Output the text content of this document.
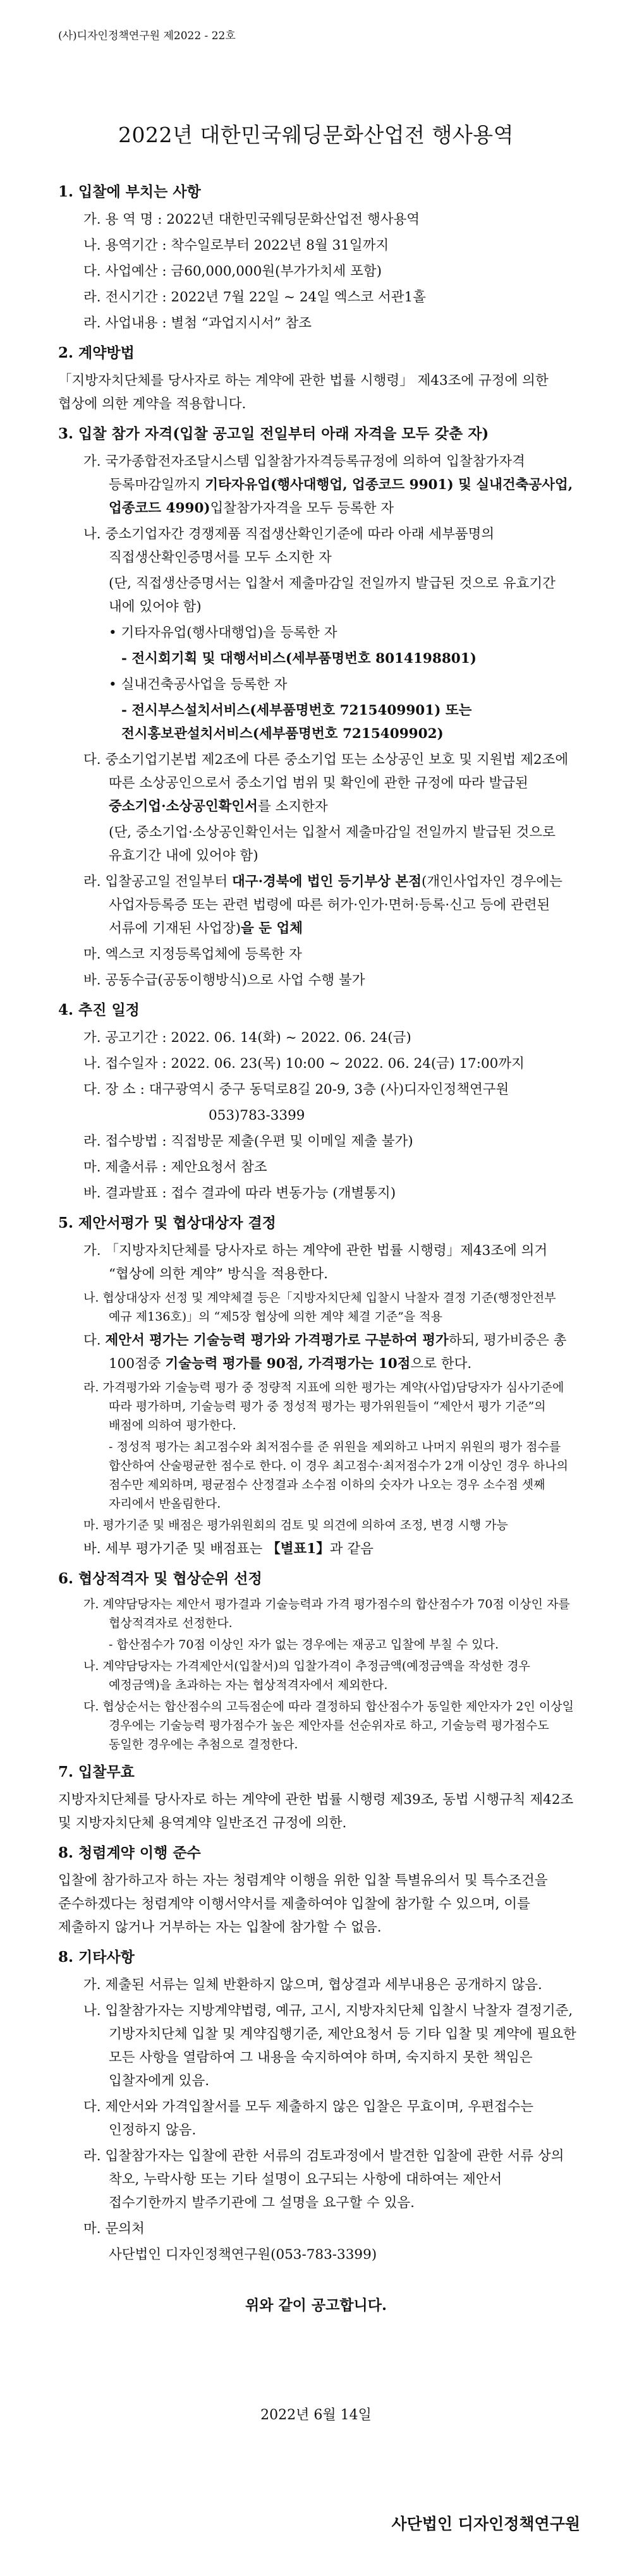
(사)디자인정책연구원 제2022 - 22호
2022년 대한민국웨딩문화산업전 행사용역
1. 입찰에 부치는 사항
가. 용 역 명 : 2022년 대한민국웨딩문화산업전 행사용역
나. 용역기간 : 착수일로부터 2022년 8월 31일까지
다. 사업예산 : 금60,000,000원(부가가치세 포함)
라. 전시기간 : 2022년 7월 22일 ~ 24일 엑스코 서관1홀
라. 사업내용 : 별첨 “과업지시서” 참조
2. 계약방법
「지방자치단체를 당사자로 하는 계약에 관한 법률 시행령」 제43조에 규정에 의한 협상에 의한 계약을 적용합니다.
3. 입찰 참가 자격(입찰 공고일 전일부터 아래 자격을 모두 갖춘 자)
가. 국가종합전자조달시스템 입찰참가자격등록규정에 의하여 입찰참가자격 등록마감일까지 기타자유업(행사대행업, 업종코드 9901) 및 실내건축공사업, 업종코드 4990)입찰참가자격을 모두 등록한 자
나. 중소기업자간 경쟁제품 직접생산확인기준에 따라 아래 세부품명의 직접생산확인증명서를 모두 소지한 자
(단, 직접생산증명서는 입찰서 제출마감일 전일까지 발급된 것으로 유효기간 내에 있어야 함)
• 기타자유업(행사대행업)을 등록한 자
- 전시회기획 및 대행서비스(세부품명번호 8014198801)
• 실내건축공사업을 등록한 자
- 전시부스설치서비스(세부품명번호 7215409901) 또는 전시홍보관설치서비스(세부품명번호 7215409902)
다. 중소기업기본법 제2조에 다른 중소기업 또는 소상공인 보호 및 지원법 제2조에 따른 소상공인으로서 중소기업 범위 및 확인에 관한 규정에 따라 발급된 중소기업·소상공인확인서를 소지한자
(단, 중소기업·소상공인확인서는 입찰서 제출마감일 전일까지 발급된 것으로 유효기간 내에 있어야 함)
라. 입찰공고일 전일부터 대구·경북에 법인 등기부상 본점(개인사업자인 경우에는 사업자등록증 또는 관련 법령에 따른 허가·인가·면허·등록·신고 등에 관련된 서류에 기재된 사업장)을 둔 업체
마. 엑스코 지정등록업체에 등록한 자
바. 공동수급(공동이행방식)으로 사업 수행 불가
4. 추진 일정
가. 공고기간 : 2022. 06. 14(화) ~ 2022. 06. 24(금)
나. 접수일자 : 2022. 06. 23(목) 10:00 ~ 2022. 06. 24(금) 17:00까지
다. 장 소 : 대구광역시 중구 동덕로8길 20-9, 3층 (사)디자인정책연구원
053)783-3399
라. 접수방법 : 직접방문 제출(우편 및 이메일 제출 불가)
마. 제출서류 : 제안요청서 참조
바. 결과발표 : 접수 결과에 따라 변동가능 (개별통지)
5. 제안서평가 및 협상대상자 결정
가. 「지방자치단체를 당사자로 하는 계약에 관한 법률 시행령」제43조에 의거 “협상에 의한 계약” 방식을 적용한다.
나. 협상대상자 선정 및 계약체결 등은「지방자치단체 입찰시 낙찰자 결정 기준(행정안전부 예규 제136호)」의 “제5장 협상에 의한 계약 체결 기준”을 적용
다. 제안서 평가는 기술능력 평가와 가격평가로 구분하여 평가하되, 평가비중은 총 100점중 기술능력 평가를 90점, 가격평가는 10점으로 한다.
라. 가격평가와 기술능력 평가 중 정량적 지표에 의한 평가는 계약(사업)담당자가 심사기준에 따라 평가하며, 기술능력 평가 중 정성적 평가는 평가위원들이 “제안서 평가 기준”의 배점에 의하여 평가한다.
- 정성적 평가는 최고점수와 최저점수를 준 위원을 제외하고 나머지 위원의 평가 점수를 합산하여 산술평균한 점수로 한다. 이 경우 최고점수·최저점수가 2개 이상인 경우 하나의 점수만 제외하며, 평균점수 산정결과 소수점 이하의 숫자가 나오는 경우 소수점 셋째 자리에서 반올림한다.
마. 평가기준 및 배점은 평가위원회의 검토 및 의견에 의하여 조정, 변경 시행 가능
바. 세부 평가기준 및 배점표는 【별표1】과 같음
6. 협상적격자 및 협상순위 선정
가. 계약담당자는 제안서 평가결과 기술능력과 가격 평가점수의 합산점수가 70점 이상인 자를 협상적격자로 선정한다.
- 합산점수가 70점 이상인 자가 없는 경우에는 재공고 입찰에 부칠 수 있다.
나. 계약담당자는 가격제안서(입찰서)의 입찰가격이 추정금액(예정금액을 작성한 경우 예정금액)을 초과하는 자는 협상적격자에서 제외한다.
다. 협상순서는 합산점수의 고득점순에 따라 결정하되 합산점수가 동일한 제안자가 2인 이상일 경우에는 기술능력 평가점수가 높은 제안자를 선순위자로 하고, 기술능력 평가점수도 동일한 경우에는 추첨으로 결정한다.
7. 입찰무효
지방자치단체를 당사자로 하는 계약에 관한 법률 시행령 제39조, 동법 시행규칙 제42조 및 지방자치단체 용역계약 일반조건 규정에 의한.
8. 청렴계약 이행 준수
입찰에 참가하고자 하는 자는 청렴계약 이행을 위한 입찰 특별유의서 및 특수조건을 준수하겠다는 청렴계약 이행서약서를 제출하여야 입찰에 참가할 수 있으며, 이를 제출하지 않거나 거부하는 자는 입찰에 참가할 수 없음.
8. 기타사항
가. 제출된 서류는 일체 반환하지 않으며, 협상결과 세부내용은 공개하지 않음.
나. 입찰참가자는 지방계약법령, 예규, 고시, 지방자치단체 입찰시 낙찰자 결정기준, 기방자치단체 입찰 및 계약집행기준, 제안요청서 등 기타 입찰 및 계약에 필요한 모든 사항을 열람하여 그 내용을 숙지하여야 하며, 숙지하지 못한 책임은 입찰자에게 있음.
다. 제안서와 가격입찰서를 모두 제출하지 않은 입찰은 무효이며, 우편접수는 인정하지 않음.
라. 입찰참가자는 입찰에 관한 서류의 검토과정에서 발견한 입찰에 관한 서류 상의 착오, 누락사항 또는 기타 설명이 요구되는 사항에 대하여는 제안서 접수기한까지 발주기관에 그 설명을 요구할 수 있음.
마. 문의처
사단법인 디자인정책연구원(053-783-3399)
위와 같이 공고합니다.
2022년 6월 14일
사단법인 디자인정책연구원
